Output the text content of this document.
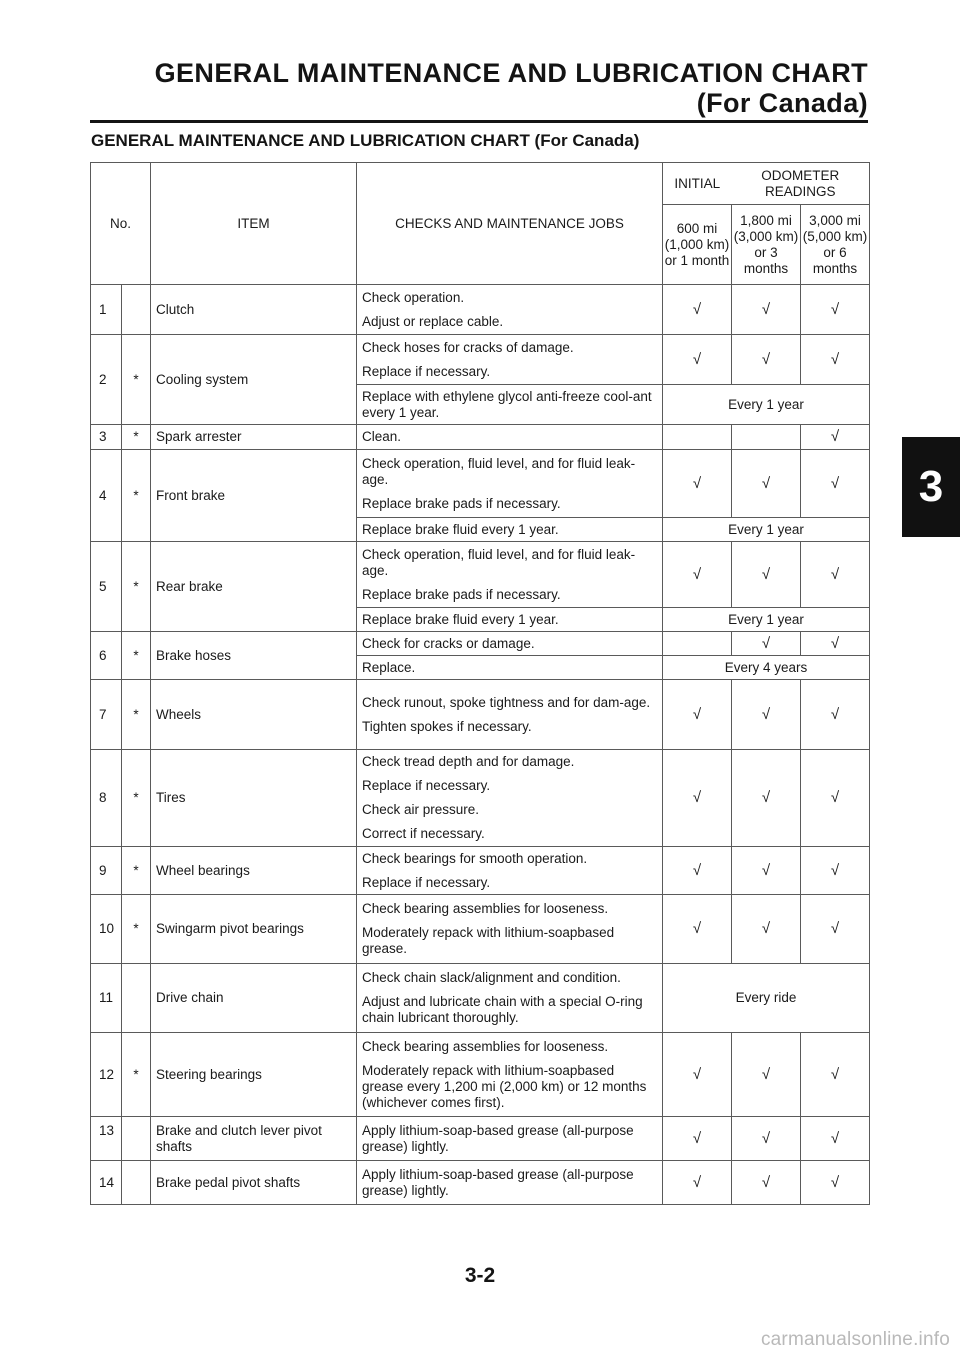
GENERAL MAINTENANCE AND LUBRICATION CHART
(For Canada)
GENERAL MAINTENANCE AND LUBRICATION CHART (For Canada)
3
No.		ITEM	CHECKS AND MAINTENANCE JOBS	INITIAL	ODOMETER READINGS	
				600 mi (1,000 km) or 1 month	1,800 mi (3,000 km) or 3 months	3,000 mi (5,000 km) or 6 months
1		Clutch	Check operation.

Adjust or replace cable.	√	√	√
2	*	Cooling system	Check hoses for cracks of damage.

Replace if necessary.	√	√	√

			Replace with ethylene glycol anti-freeze cool-ant every 1 year.	Every 1 year		
3	*	Spark arrester	Clean.			√
4	*	Front brake	Check operation, fluid level, and for fluid leak-age.

Replace brake pads if necessary.	√	√	√

			Replace brake fluid every 1 year.	Every 1 year		
5	*	Rear brake	Check operation, fluid level, and for fluid leak-age.

Replace brake pads if necessary.	√	√	√

			Replace brake fluid every 1 year.	Every 1 year		
6	*	Brake hoses	Check for cracks or damage.		√	√

			Replace.	Every 4 years		
7	*	Wheels	Check runout, spoke tightness and for dam-age.

Tighten spokes if necessary.	√	√	√
8	*	Tires	Check tread depth and for damage.

Replace if necessary.

Check air pressure.

Correct if necessary.	√	√	√
9	*	Wheel bearings	Check bearings for smooth operation.

Replace if necessary.	√	√	√
10	*	Swingarm pivot bearings	Check bearing assemblies for looseness.

Moderately repack with lithium-soapbased grease.	√	√	√
11		Drive chain	Check chain slack/alignment and condition.

Adjust and lubricate chain with a special O-ring chain lubricant thoroughly.	Every ride		
12	*	Steering bearings	Check bearing assemblies for looseness.

Moderately repack with lithium-soapbased grease every 1,200 mi (2,000 km) or 12 months (whichever comes first).	√	√	√
13		Brake and clutch lever pivot shafts	Apply lithium-soap-based grease (all-purpose grease) lightly.	√	√	√
14		Brake pedal pivot shafts	Apply lithium-soap-based grease (all-purpose grease) lightly.	√	√	√
3-2
carmanualsonline.info
